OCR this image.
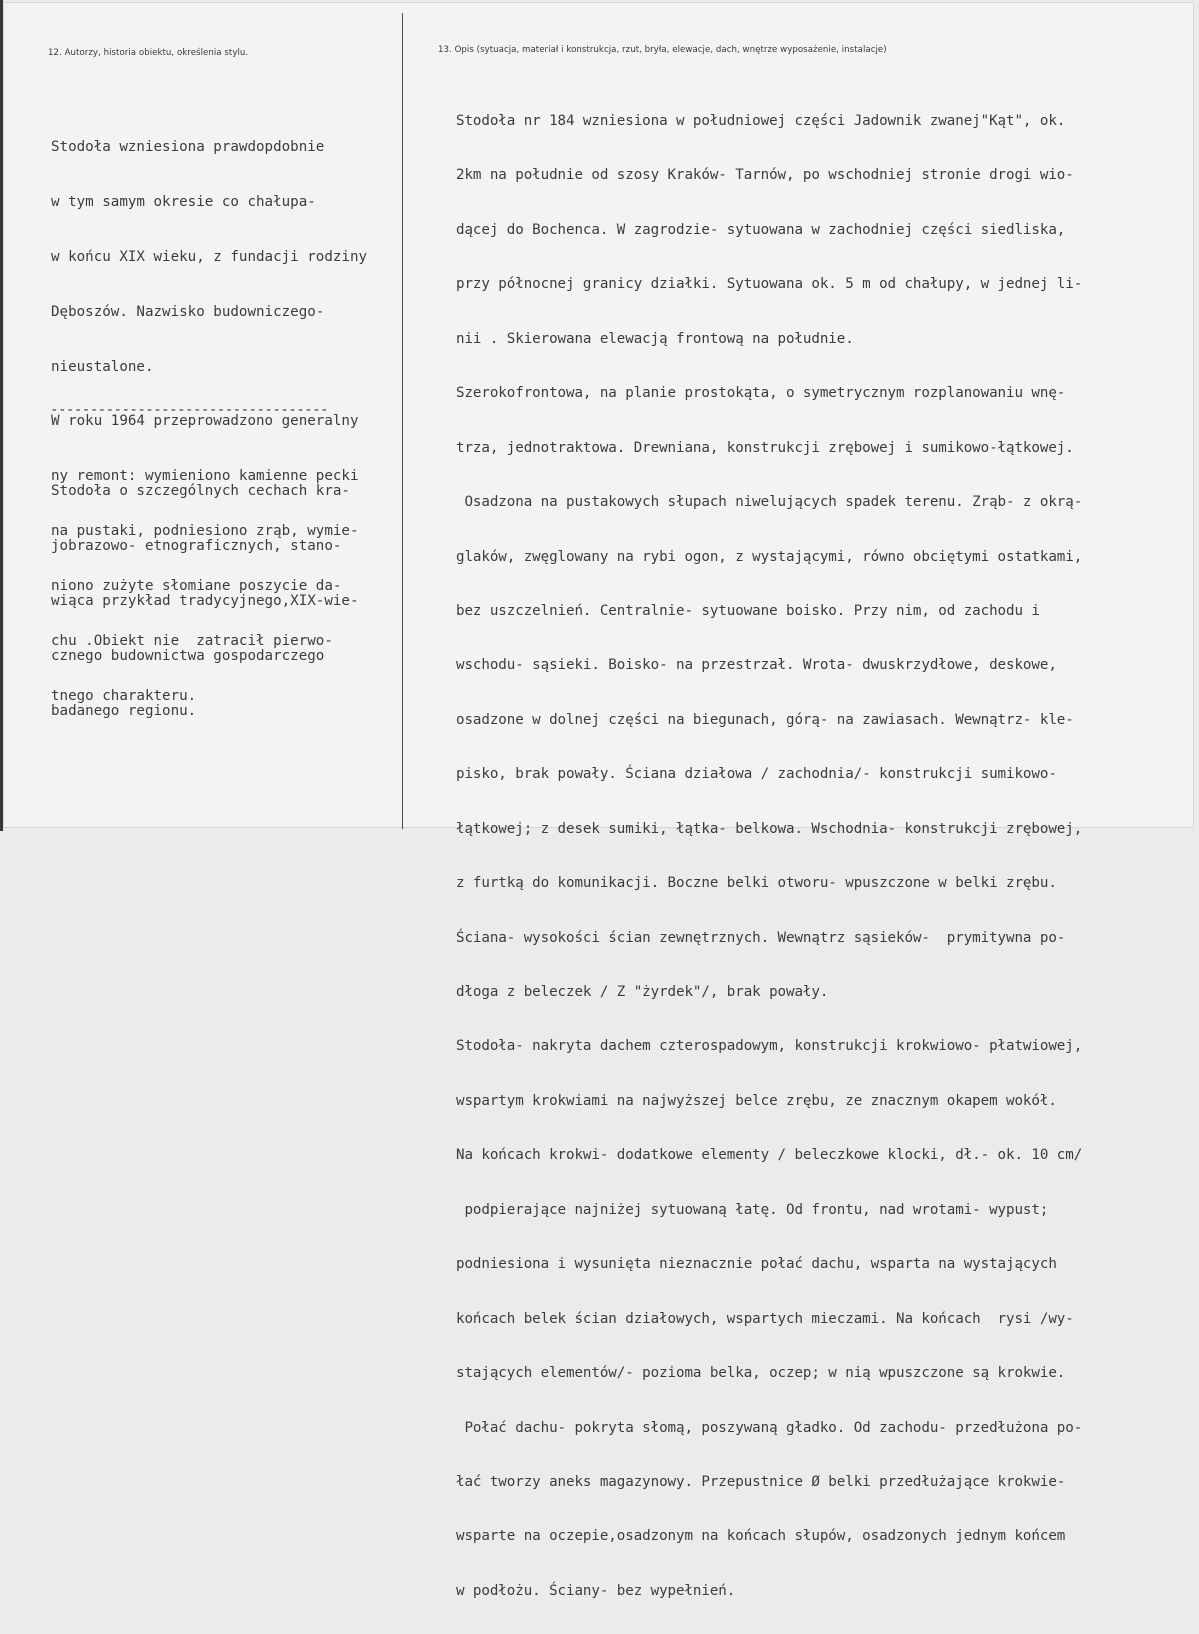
12. Autorzy, historia obiektu, określenia stylu.	13. Opis (sytuacja, materiał i konstrukcja, rzut, bryła, elewacje, dach, wnętrze wyposażenie, instalacje)

Stodoła wzniesiona prawdopdobnie

w tym samym okresie co chałupa-

w końcu XIX wieku, z fundacji rodziny

Dęboszów. Nazwisko budowniczego-

nieustalone.

W roku 1964 przeprowadzono generalny

ny remont: wymieniono kamienne pecki

na pustaki, podniesiono zrąb, wymie-

niono zużyte słomiane poszycie da-

chu .Obiekt nie  zatracił pierwo-

tnego charakteru.

-----------------------------------

Stodoła o szczególnych cechach kra-

jobrazowo- etnograficznych, stano-

wiąca przykład tradycyjnego,XIX-wie-

cznego budownictwa gospodarczego

badanego regionu.

Stodoła nr 184 wzniesiona w południowej części Jadownik zwanej"Kąt", ok.

2km na południe od szosy Kraków- Tarnów, po wschodniej stronie drogi wio-

dącej do Bochenca. W zagrodzie- sytuowana w zachodniej części siedliska,

przy północnej granicy działki. Sytuowana ok. 5 m od chałupy, w jednej li-

nii . Skierowana elewacją frontową na południe.

Szerokofrontowa, na planie prostokąta, o symetrycznym rozplanowaniu wnę-

trza, jednotraktowa. Drewniana, konstrukcji zrębowej i sumikowo-łątkowej.

Osadzona na pustakowych słupach niwelujących spadek terenu. Zrąb- z okrą-

glaków, zwęglowany na rybi ogon, z wystającymi, równo obciętymi ostatkami,

bez uszczelnień. Centralnie- sytuowane boisko. Przy nim, od zachodu i

wschodu- sąsieki. Boisko- na przestrzał. Wrota- dwuskrzydłowe, deskowe,

osadzone w dolnej części na biegunach, górą- na zawiasach. Wewnątrz- kle-

pisko, brak powały. Ściana działowa / zachodnia/- konstrukcji sumikowo-

łątkowej; z desek sumiki, łątka- belkowa. Wschodnia- konstrukcji zrębowej,

z furtką do komunikacji. Boczne belki otworu- wpuszczone w belki zrębu.

Ściana- wysokości ścian zewnętrznych. Wewnątrz sąsieków-  prymitywna po-

dłoga z beleczek / Z "żyrdek"/, brak powały.

Stodoła- nakryta dachem czterospadowym, konstrukcji krokwiowo- płatwiowej,

wspartym krokwiami na najwyższej belce zrębu, ze znacznym okapem wokół.

Na końcach krokwi- dodatkowe elementy / beleczkowe klocki, dł.- ok. 10 cm/

podpierające najniżej sytuowaną łatę. Od frontu, nad wrotami- wypust;

podniesiona i wysunięta nieznacznie połać dachu, wsparta na wystających

końcach belek ścian działowych, wspartych mieczami. Na końcach  rysi /wy-

stających elementów/- pozioma belka, oczep; w nią wpuszczone są krokwie.

Połać dachu- pokryta słomą, poszywaną gładko. Od zachodu- przedłużona po-

łać tworzy aneks magazynowy. Przepustnice Ø belki przedłużające krokwie-

wsparte na oczepie,osadzonym na końcach słupów, osadzonych jednym końcem

w podłożu. Ściany- bez wypełnień.
